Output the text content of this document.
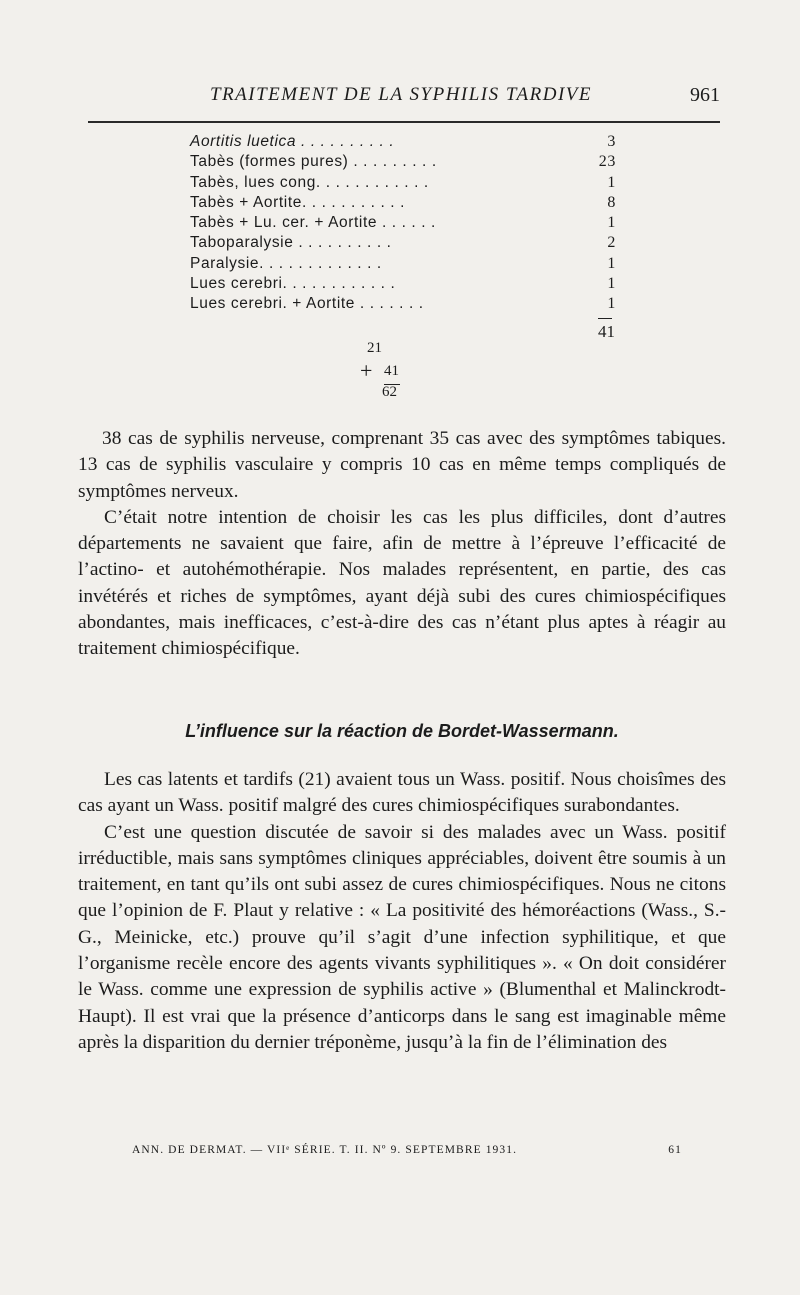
TRAITEMENT DE LA SYPHILIS TARDIVE	961
Aortitis luetica . . . . . . . . . .	3
Tabès (formes pures) . . . . . . . . .	23
Tabès, lues cong. . . . . . . . . . . .	1
Tabès + Aortite. . . . . . . . . . .	8
Tabès + Lu. cer. + Aortite . . . . . .	1
Taboparalysie . . . . . . . . . .	2
Paralysie. . . . . . . . . . . . .	1
Lues cerebri. . . . . . . . . . . .	1
Lues cerebri. + Aortite . . . . . . .	1
41
21
+ 41
62

38 cas de syphilis nerveuse, comprenant 35 cas avec des symptômes tabiques. 13 cas de syphilis vasculaire y compris 10 cas en même temps compliqués de symptômes nerveux.

C’était notre intention de choisir les cas les plus difficiles, dont d’autres départements ne savaient que faire, afin de mettre à l’épreuve l’efficacité de l’actino- et autohémothérapie. Nos malades représentent, en partie, des cas invétérés et riches de symptômes, ayant déjà subi des cures chimiospécifiques abondantes, mais inefficaces, c’est-à-dire des cas n’étant plus aptes à réagir au traitement chimiospécifique.

L’influence sur la réaction de Bordet-Wassermann.

Les cas latents et tardifs (21) avaient tous un Wass. positif. Nous choisîmes des cas ayant un Wass. positif malgré des cures chimiospécifiques surabondantes.

C’est une question discutée de savoir si des malades avec un Wass. positif irréductible, mais sans symptômes cliniques appréciables, doivent être soumis à un traitement, en tant qu’ils ont subi assez de cures chimiospécifiques. Nous ne citons que l’opinion de F. Plaut y relative : « La positivité des hémoréactions (Wass., S.-G., Meinicke, etc.) prouve qu’il s’agit d’une infection syphilitique, et que l’organisme recèle encore des agents vivants syphilitiques ». « On doit considérer le Wass. comme une expression de syphilis active » (Blumenthal et Malinckrodt-Haupt). Il est vrai que la présence d’anticorps dans le sang est imaginable même après la disparition du dernier tréponème, jusqu’à la fin de l’élimination des

ANN. DE DERMAT. — VIIᵉ SÉRIE. T. II. Nº 9. SEPTEMBRE 1931.	61
